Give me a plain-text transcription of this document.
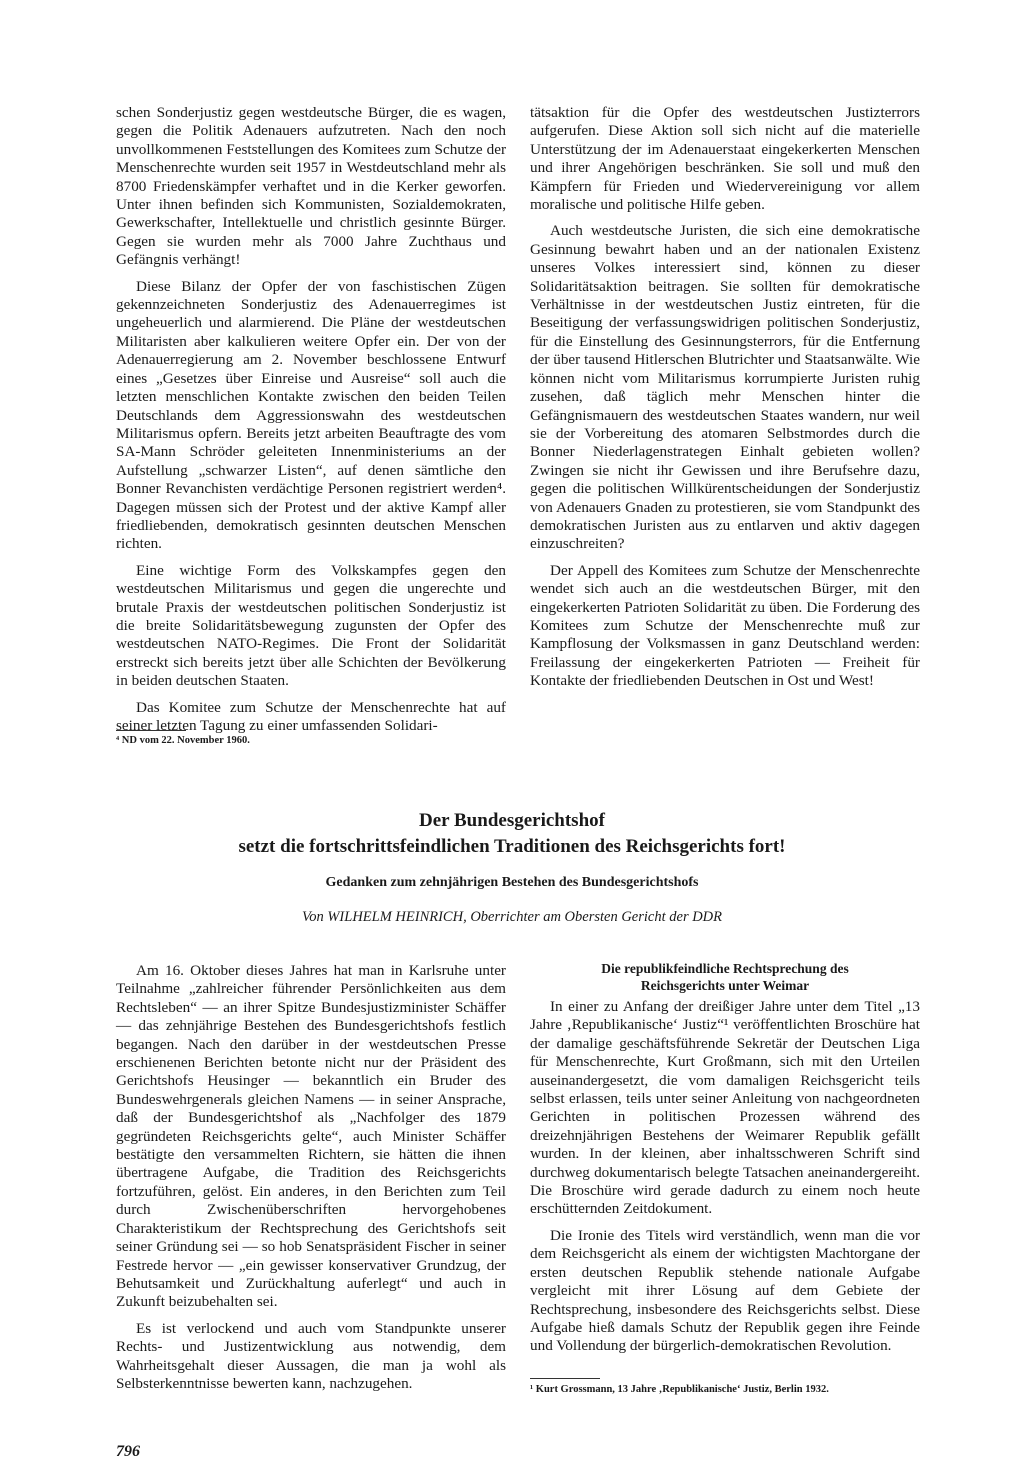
schen Sonderjustiz gegen westdeutsche Bürger, die es wagen, gegen die Politik Adenauers aufzutreten. Nach den noch unvollkommenen Feststellungen des Komitees zum Schutze der Menschenrechte wurden seit 1957 in Westdeutschland mehr als 8700 Friedenskämpfer verhaftet und in die Kerker geworfen. Unter ihnen befinden sich Kommunisten, Sozialdemokraten, Gewerkschafter, Intellektuelle und christlich gesinnte Bürger. Gegen sie wurden mehr als 7000 Jahre Zuchthaus und Gefängnis verhängt!

Diese Bilanz der Opfer der von faschistischen Zügen gekennzeichneten Sonderjustiz des Adenauerregimes ist ungeheuerlich und alarmierend. Die Pläne der westdeutschen Militaristen aber kalkulieren weitere Opfer ein. Der von der Adenauerregierung am 2. November beschlossene Entwurf eines „Gesetzes über Einreise und Ausreise“ soll auch die letzten menschlichen Kontakte zwischen den beiden Teilen Deutschlands dem Aggressionswahn des westdeutschen Militarismus opfern. Bereits jetzt arbeiten Beauftragte des vom SA-Mann Schröder geleiteten Innenministeriums an der Aufstellung „schwarzer Listen“, auf denen sämtliche den Bonner Revanchisten verdächtige Personen registriert werden⁴. Dagegen müssen sich der Protest und der aktive Kampf aller friedliebenden, demokratisch gesinnten deutschen Menschen richten.

Eine wichtige Form des Volkskampfes gegen den westdeutschen Militarismus und gegen die ungerechte und brutale Praxis der westdeutschen politischen Sonderjustiz ist die breite Solidaritätsbewegung zugunsten der Opfer des westdeutschen NATO-Regimes. Die Front der Solidarität erstreckt sich bereits jetzt über alle Schichten der Bevölkerung in beiden deutschen Staaten.

Das Komitee zum Schutze der Menschenrechte hat auf seiner letzten Tagung zu einer umfassenden Solidari-

⁴ ND vom 22. November 1960.

tätsaktion für die Opfer des westdeutschen Justizterrors aufgerufen. Diese Aktion soll sich nicht auf die materielle Unterstützung der im Adenauerstaat eingekerkerten Menschen und ihrer Angehörigen beschränken. Sie soll und muß den Kämpfern für Frieden und Wiedervereinigung vor allem moralische und politische Hilfe geben.

Auch westdeutsche Juristen, die sich eine demokratische Gesinnung bewahrt haben und an der nationalen Existenz unseres Volkes interessiert sind, können zu dieser Solidaritätsaktion beitragen. Sie sollten für demokratische Verhältnisse in der westdeutschen Justiz eintreten, für die Beseitigung der verfassungswidrigen politischen Sonderjustiz, für die Einstellung des Gesinnungsterrors, für die Entfernung der über tausend Hitlerschen Blutrichter und Staatsanwälte. Wie können nicht vom Militarismus korrumpierte Juristen ruhig zusehen, daß täglich mehr Menschen hinter die Gefängnismauern des westdeutschen Staates wandern, nur weil sie der Vorbereitung des atomaren Selbstmordes durch die Bonner Niederlagenstrategen Einhalt gebieten wollen? Zwingen sie nicht ihr Gewissen und ihre Berufsehre dazu, gegen die politischen Willkürentscheidungen der Sonderjustiz von Adenauers Gnaden zu protestieren, sie vom Standpunkt des demokratischen Juristen aus zu entlarven und aktiv dagegen einzuschreiten?

Der Appell des Komitees zum Schutze der Menschenrechte wendet sich auch an die westdeutschen Bürger, mit den eingekerkerten Patrioten Solidarität zu üben. Die Forderung des Komitees zum Schutze der Menschenrechte muß zur Kampflosung der Volksmassen in ganz Deutschland werden: Freilassung der eingekerkerten Patrioten — Freiheit für Kontakte der friedliebenden Deutschen in Ost und West!

Der Bundesgerichtshof
setzt die fortschrittsfeindlichen Traditionen des Reichsgerichts fort!
Gedanken zum zehnjährigen Bestehen des Bundesgerichtshofs
Von WILHELM HEINRICH, Oberrichter am Obersten Gericht der DDR

Am 16. Oktober dieses Jahres hat man in Karlsruhe unter Teilnahme „zahlreicher führender Persönlichkeiten aus dem Rechtsleben“ — an ihrer Spitze Bundesjustizminister Schäffer — das zehnjährige Bestehen des Bundesgerichtshofs festlich begangen. Nach den darüber in der westdeutschen Presse erschienenen Berichten betonte nicht nur der Präsident des Gerichtshofs Heusinger — bekanntlich ein Bruder des Bundeswehrgenerals gleichen Namens — in seiner Ansprache, daß der Bundesgerichtshof als „Nachfolger des 1879 gegründeten Reichsgerichts gelte“, auch Minister Schäffer bestätigte den versammelten Richtern, sie hätten die ihnen übertragene Aufgabe, die Tradition des Reichsgerichts fortzuführen, gelöst. Ein anderes, in den Berichten zum Teil durch Zwischenüberschriften hervorgehobenes Charakteristikum der Rechtsprechung des Gerichtshofs seit seiner Gründung sei — so hob Senatspräsident Fischer in seiner Festrede hervor — „ein gewisser konservativer Grundzug, der Behutsamkeit und Zurückhaltung auferlegt“ und auch in Zukunft beizubehalten sei.

Es ist verlockend und auch vom Standpunkte unserer Rechts- und Justizentwicklung aus notwendig, dem Wahrheitsgehalt dieser Aussagen, die man ja wohl als Selbsterkenntnisse bewerten kann, nachzugehen.

Die republikfeindliche Rechtsprechung des
Reichsgerichts unter Weimar

In einer zu Anfang der dreißiger Jahre unter dem Titel „13 Jahre ‚Republikanische‘ Justiz“¹ veröffentlichten Broschüre hat der damalige geschäftsführende Sekretär der Deutschen Liga für Menschenrechte, Kurt Großmann, sich mit den Urteilen auseinandergesetzt, die vom damaligen Reichsgericht teils selbst erlassen, teils unter seiner Anleitung von nachgeordneten Gerichten in politischen Prozessen während des dreizehnjährigen Bestehens der Weimarer Republik gefällt wurden. In der kleinen, aber inhaltsschweren Schrift sind durchweg dokumentarisch belegte Tatsachen aneinandergereiht. Die Broschüre wird gerade dadurch zu einem noch heute erschütternden Zeitdokument.

Die Ironie des Titels wird verständlich, wenn man die vor dem Reichsgericht als einem der wichtigsten Machtorgane der ersten deutschen Republik stehende nationale Aufgabe vergleicht mit ihrer Lösung auf dem Gebiete der Rechtsprechung, insbesondere des Reichsgerichts selbst. Diese Aufgabe hieß damals Schutz der Republik gegen ihre Feinde und Vollendung der bürgerlich-demokratischen Revolution.

¹ Kurt Grossmann, 13 Jahre ‚Republikanische‘ Justiz, Berlin 1932.
796
